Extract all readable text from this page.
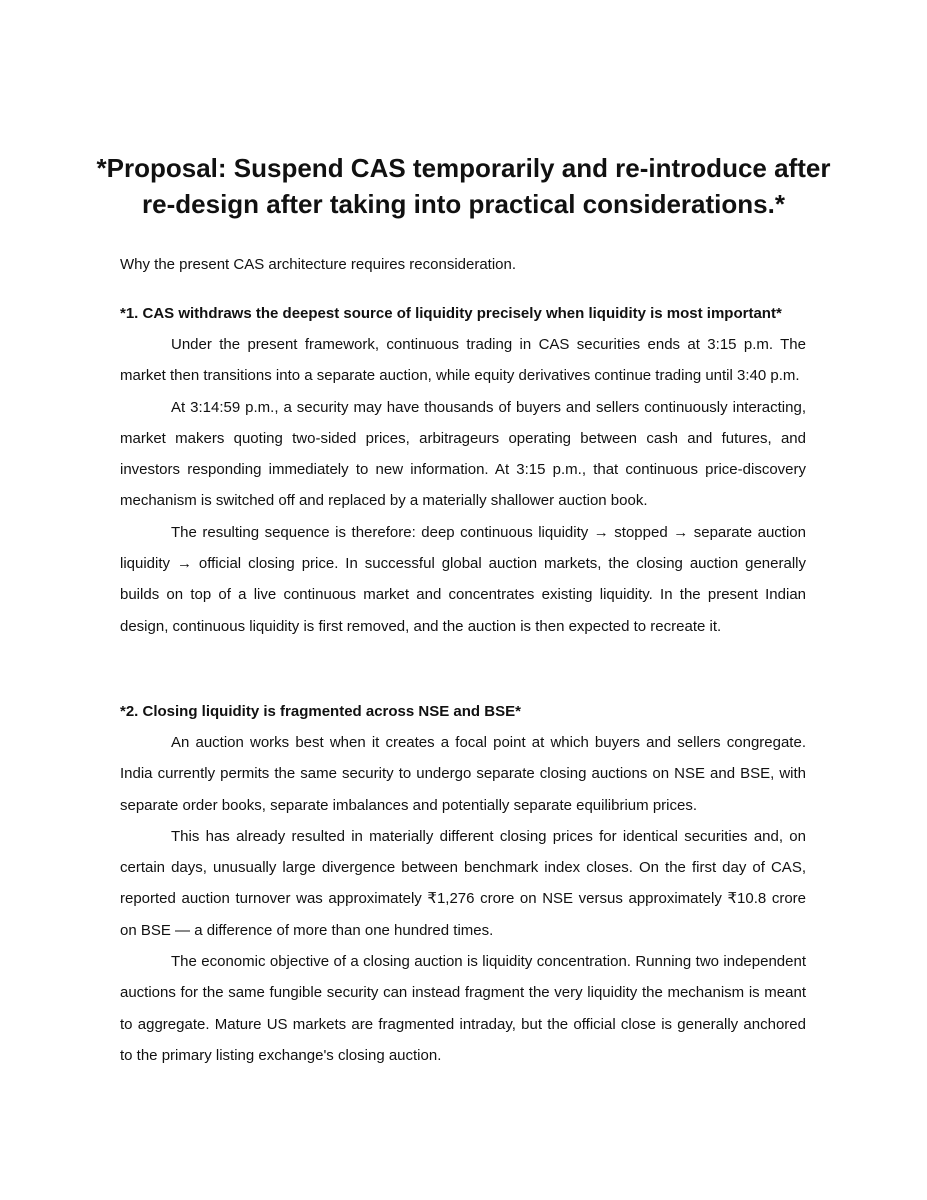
*Proposal: Suspend CAS temporarily and re-introduce after re-design after taking into practical considerations.*

Why the present CAS architecture requires reconsideration.

*1. CAS withdraws the deepest source of liquidity precisely when liquidity is most important*

Under the present framework, continuous trading in CAS securities ends at 3:15 p.m. The market then transitions into a separate auction, while equity derivatives continue trading until 3:40 p.m.

At 3:14:59 p.m., a security may have thousands of buyers and sellers continuously interacting, market makers quoting two-sided prices, arbitrageurs operating between cash and futures, and investors responding immediately to new information. At 3:15 p.m., that continuous price-discovery mechanism is switched off and replaced by a materially shallower auction book.

The resulting sequence is therefore: deep continuous liquidity → stopped → separate auction liquidity → official closing price. In successful global auction markets, the closing auction generally builds on top of a live continuous market and concentrates existing liquidity. In the present Indian design, continuous liquidity is first removed, and the auction is then expected to recreate it.

*2. Closing liquidity is fragmented across NSE and BSE*

An auction works best when it creates a focal point at which buyers and sellers congregate. India currently permits the same security to undergo separate closing auctions on NSE and BSE, with separate order books, separate imbalances and potentially separate equilibrium prices.

This has already resulted in materially different closing prices for identical securities and, on certain days, unusually large divergence between benchmark index closes. On the first day of CAS, reported auction turnover was approximately ₹1,276 crore on NSE versus approximately ₹10.8 crore on BSE — a difference of more than one hundred times.

The economic objective of a closing auction is liquidity concentration. Running two independent auctions for the same fungible security can instead fragment the very liquidity the mechanism is meant to aggregate. Mature US markets are fragmented intraday, but the official close is generally anchored to the primary listing exchange's closing auction.
